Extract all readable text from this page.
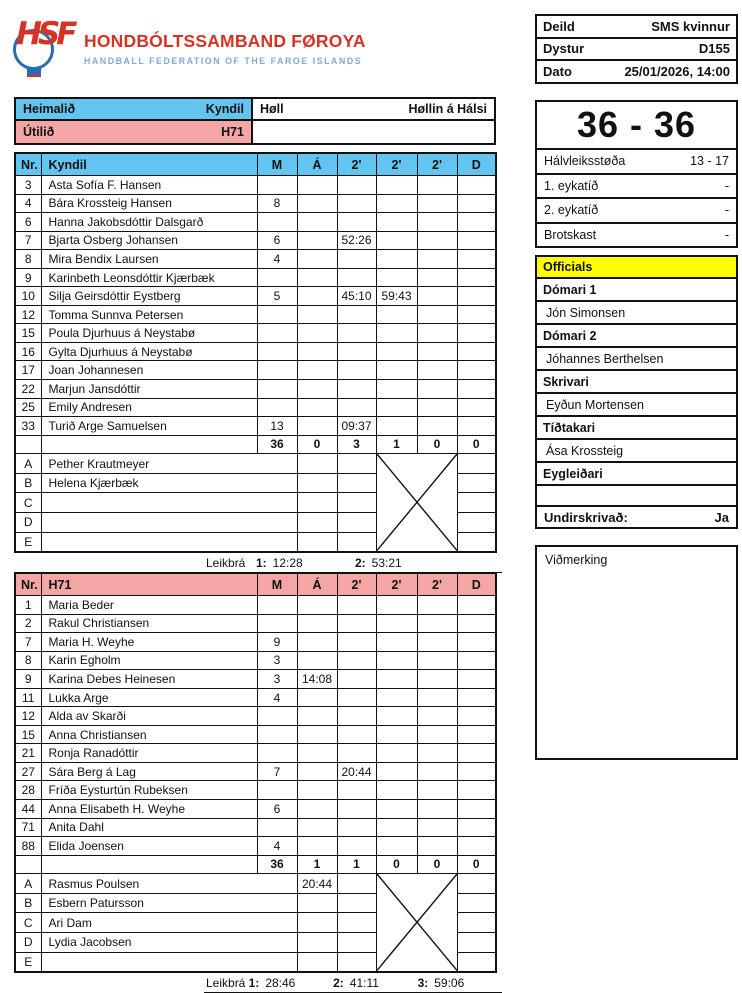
HSF HONDBÓLTSSAMBAND FØROYA
HANDBALL FEDERATION OF THE FAROE ISLANDS
Deild	SMS kvinnur
Dystur	D155
Dato	25/01/2026, 14:00
Heimalið	Kyndil Høll	Høllin á Hálsi
Útilið	H71
Nr.	Kyndil	M	Á	2'	2'	2'	D
3	Asta Sofía F. Hansen						
4	Bára Krossteig Hansen	8					
6	Hanna Jakobsdóttir Dalsgarð						
7	Bjarta Osberg Johansen	6		52:26			
8	Mira Bendix Laursen	4					
9	Karinbeth Leonsdóttir Kjærbæk						
10	Silja Geirsdóttir Eystberg	5		45:10	59:43		
12	Tomma Sunnva Petersen						
15	Poula Djurhuus á Neystabø						
16	Gylta Djurhuus á Neystabø						
17	Joan Johannesen						
22	Marjun Jansdóttir						
25	Emily Andresen						
33	Turið Arge Samuelsen	13		09:37			
		36	0	3	1	0	0
A	Pether Krautmeyer			

B	Helena Kjærbæk						
C							
D							
E							
Leikbrá 1: 12:28	2: 53:21
Nr.	H71	M	Á	2'	2'	2'	D
1	Maria Beder						
2	Rakul Christiansen						
7	Maria H. Weyhe	9					
8	Karin Egholm	3					
9	Karina Debes Heinesen	3	14:08				
11	Lukka Arge	4					
12	Alda av Skarði						
15	Anna Christiansen						
21	Ronja Ranadóttir						
27	Sára Berg á Lag	7		20:44			
28	Fríða Eysturtún Rubeksen						
44	Anna Elisabeth H. Weyhe	6					
71	Anita Dahl						
88	Elida Joensen	4					
		36	1	1	0	0	0
A	Rasmus Poulsen		20:44		

B	Esbern Patursson						
C	Ari Dam						
D	Lydia Jacobsen						
E							
Leikbrá 1: 28:46	2: 41:11	3: 59:06
36 - 36
Hálvleiksstøða	13 - 17
1. eykatíð	-
2. eykatíð	-
Brotskast	-
Officials
Dómari 1
Jón Simonsen
Dómari 2
Jóhannes Berthelsen
Skrivari
Eyðun Mortensen
Tíðtakari
Ása Krossteig
Eygleiðari
Undirskrivað:	Ja
Viðmerking
